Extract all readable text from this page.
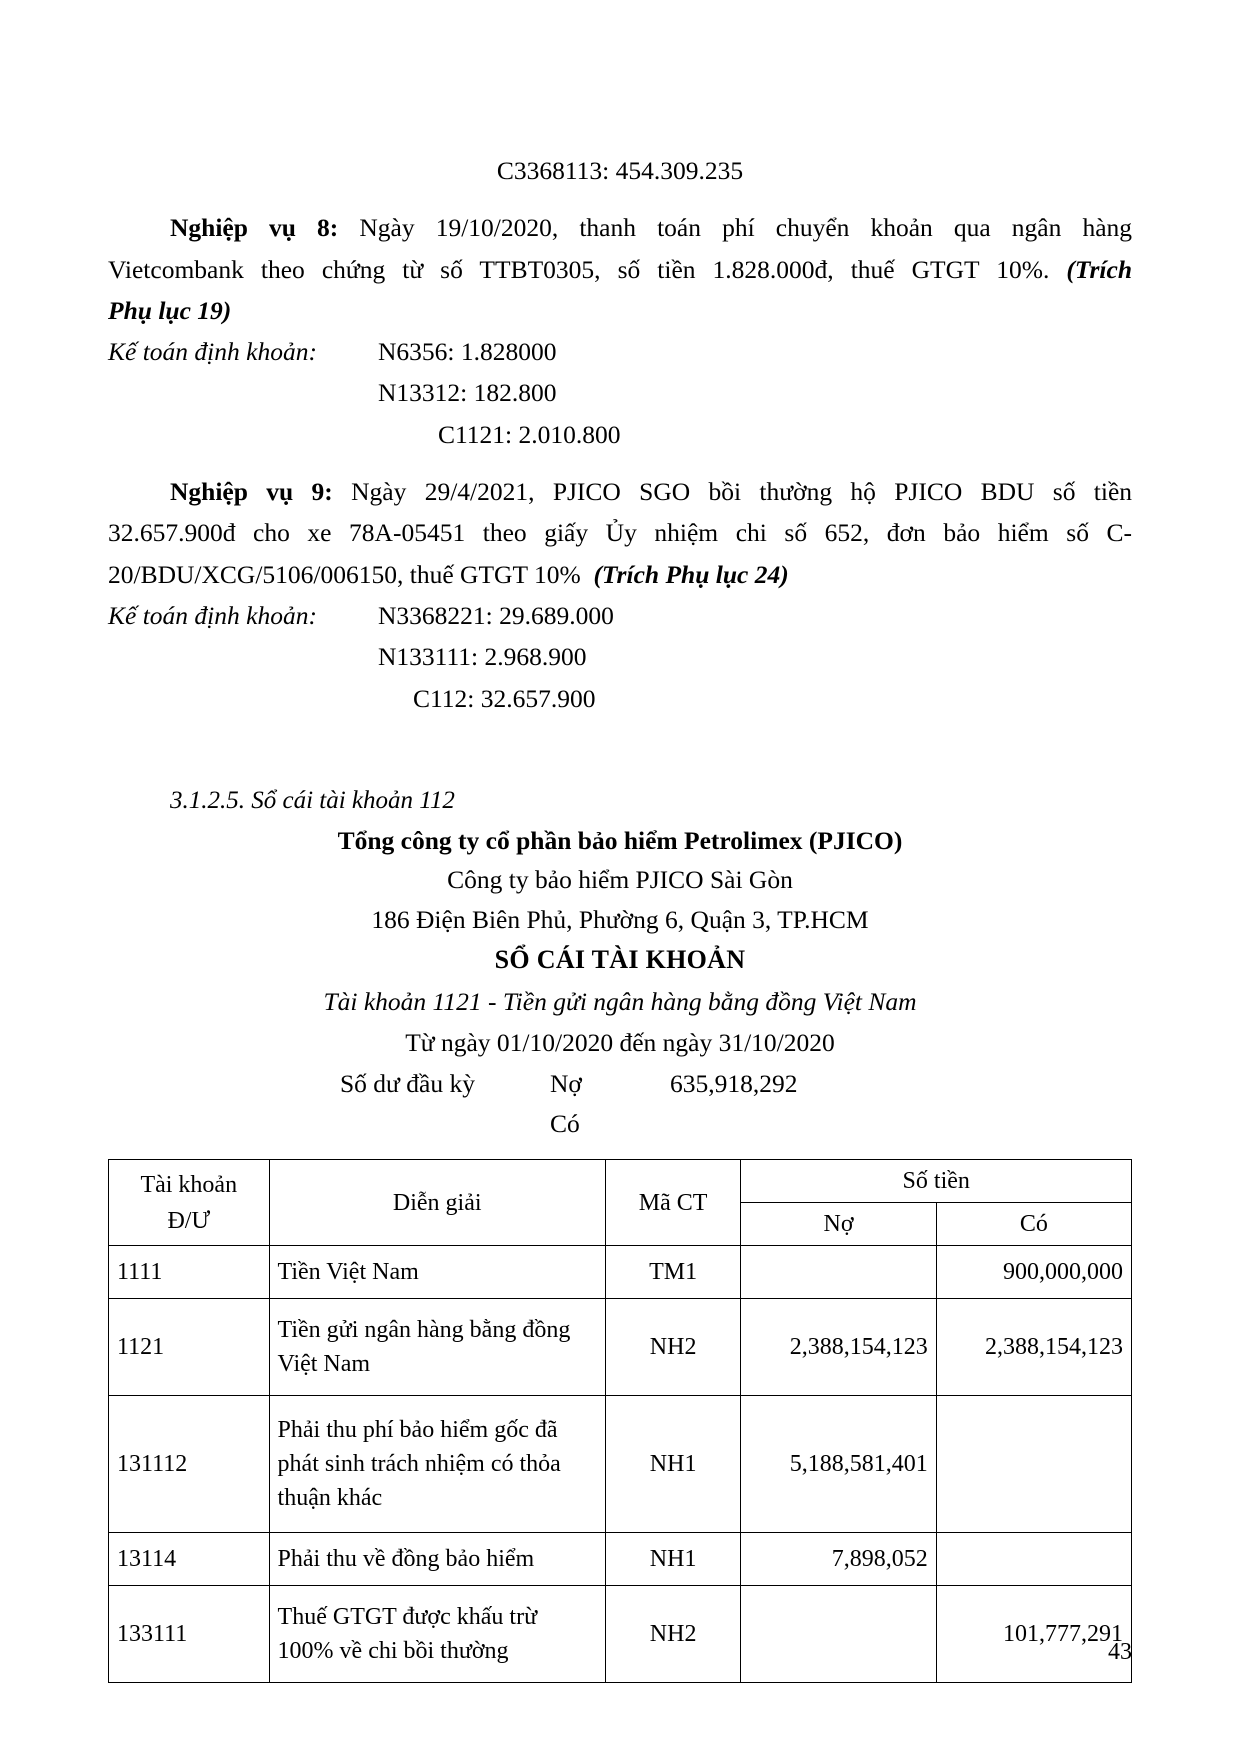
C3368113: 454.309.235

Nghiệp vụ 8: Ngày 19/10/2020, thanh toán phí chuyển khoản qua ngân hàng

Vietcombank theo chứng từ số TTBT0305, số tiền 1.828.000đ, thuế GTGT 10%. (Trích

Phụ lục 19)

Kế toán định khoản:	N6356: 1.828000
N13312: 182.800
C1121: 2.010.800

Nghiệp vụ 9: Ngày 29/4/2021, PJICO SGO bồi thường hộ PJICO BDU số tiền

32.657.900đ cho xe 78A-05451 theo giấy Ủy nhiệm chi số 652, đơn bảo hiểm số C-

20/BDU/XCG/5106/006150, thuế GTGT 10% (Trích Phụ lục 24)

Kế toán định khoản:	N3368221: 29.689.000
N133111: 2.968.900
C112: 32.657.900
3.1.2.5. Sổ cái tài khoản 112
Tổng công ty cổ phần bảo hiểm Petrolimex (PJICO)
Công ty bảo hiểm PJICO Sài Gòn
186 Điện Biên Phủ, Phường 6, Quận 3, TP.HCM
SỔ CÁI TÀI KHOẢN
Tài khoản 1121 - Tiền gửi ngân hàng bằng đồng Việt Nam
Từ ngày 01/10/2020 đến ngày 31/10/2020
Số dư đầu kỳ	Nợ	635,918,292
Có
Tài khoản
Đ/Ư	Diễn giải	Mã CT	Số tiền	
			Nợ	Có
1111	Tiền Việt Nam	TM1		900,000,000
1121	Tiền gửi ngân hàng bằng đồng Việt Nam	NH2	2,388,154,123	2,388,154,123
131112	Phải thu phí bảo hiểm gốc đã phát sinh trách nhiệm có thỏa thuận khác	NH1	5,188,581,401	
13114	Phải thu về đồng bảo hiểm	NH1	7,898,052	
133111	Thuế GTGT được khấu trừ 100% về chi bồi thường	NH2		101,777,291
43
